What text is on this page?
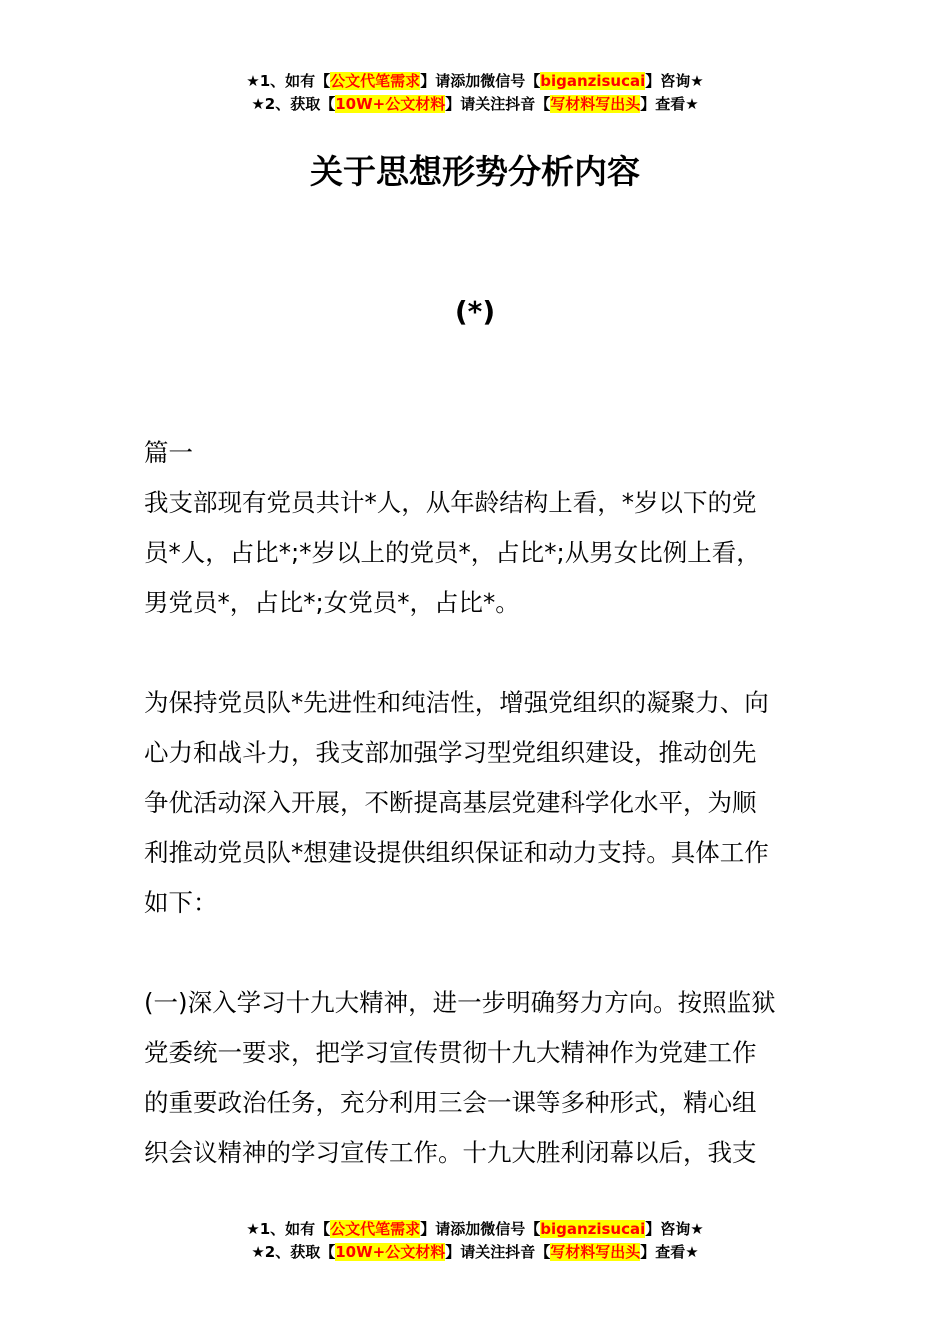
★1、如有【公文代笔需求】请添加微信号【biganzisucai】咨询★
★2、获取【10W+公文材料】请关注抖音【写材料写出头】查看★
关于思想形势分析内容
(*)
篇一
我支部现有党员共计*人，从年龄结构上看，*岁以下的党
员*人，占比*;*岁以上的党员*，占比*;从男女比例上看，
男党员*，占比*;女党员*，占比*。
为保持党员队*先进性和纯洁性，增强党组织的凝聚力、向
心力和战斗力，我支部加强学习型党组织建设，推动创先
争优活动深入开展，不断提高基层党建科学化水平，为顺
利推动党员队*想建设提供组织保证和动力支持。具体工作
如下：
(一)深入学习十九大精神，进一步明确努力方向。按照监狱
党委统一要求，把学习宣传贯彻十九大精神作为党建工作
的重要政治任务，充分利用三会一课等多种形式，精心组
织会议精神的学习宣传工作。十九大胜利闭幕以后，我支
★1、如有【公文代笔需求】请添加微信号【biganzisucai】咨询★
★2、获取【10W+公文材料】请关注抖音【写材料写出头】查看★
